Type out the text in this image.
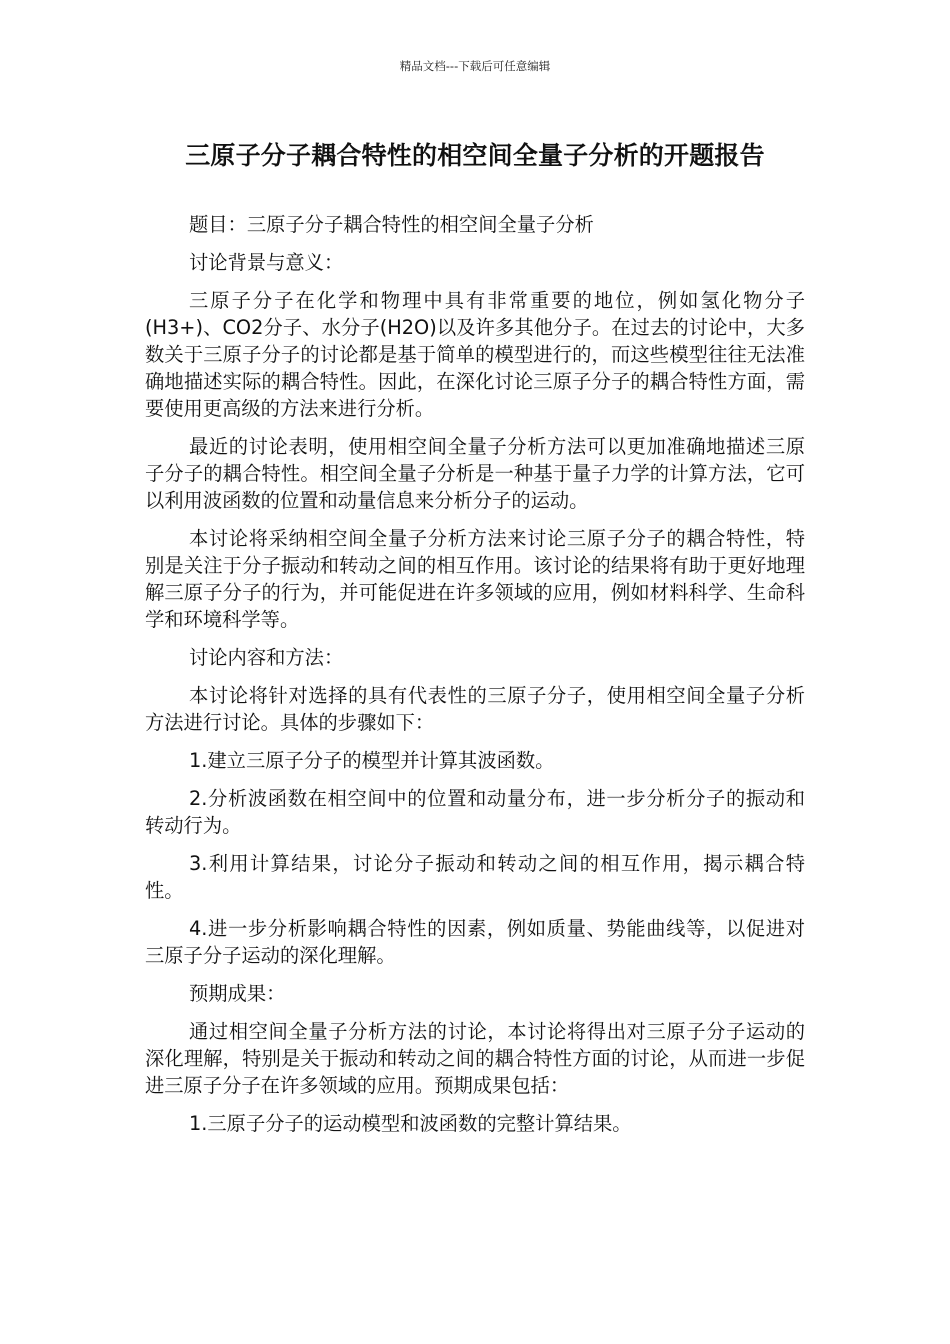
精品文档---下载后可任意编辑
三原子分子耦合特性的相空间全量子分析的开题报告

题目：三原子分子耦合特性的相空间全量子分析

讨论背景与意义：

三原子分子在化学和物理中具有非常重要的地位，例如氢化物分子(H3+)、CO2分子、水分子(H2O)以及许多其他分子。在过去的讨论中，大多数关于三原子分子的讨论都是基于简单的模型进行的，而这些模型往往无法准确地描述实际的耦合特性。因此，在深化讨论三原子分子的耦合特性方面，需要使用更高级的方法来进行分析。

最近的讨论表明，使用相空间全量子分析方法可以更加准确地描述三原子分子的耦合特性。相空间全量子分析是一种基于量子力学的计算方法，它可以利用波函数的位置和动量信息来分析分子的运动。

本讨论将采纳相空间全量子分析方法来讨论三原子分子的耦合特性，特别是关注于分子振动和转动之间的相互作用。该讨论的结果将有助于更好地理解三原子分子的行为，并可能促进在许多领域的应用，例如材料科学、生命科学和环境科学等。

讨论内容和方法：

本讨论将针对选择的具有代表性的三原子分子，使用相空间全量子分析方法进行讨论。具体的步骤如下：

1.建立三原子分子的模型并计算其波函数。

2.分析波函数在相空间中的位置和动量分布，进一步分析分子的振动和转动行为。

3.利用计算结果，讨论分子振动和转动之间的相互作用，揭示耦合特性。

4.进一步分析影响耦合特性的因素，例如质量、势能曲线等，以促进对三原子分子运动的深化理解。

预期成果：

通过相空间全量子分析方法的讨论，本讨论将得出对三原子分子运动的深化理解，特别是关于振动和转动之间的耦合特性方面的讨论，从而进一步促进三原子分子在许多领域的应用。预期成果包括：

1.三原子分子的运动模型和波函数的完整计算结果。
